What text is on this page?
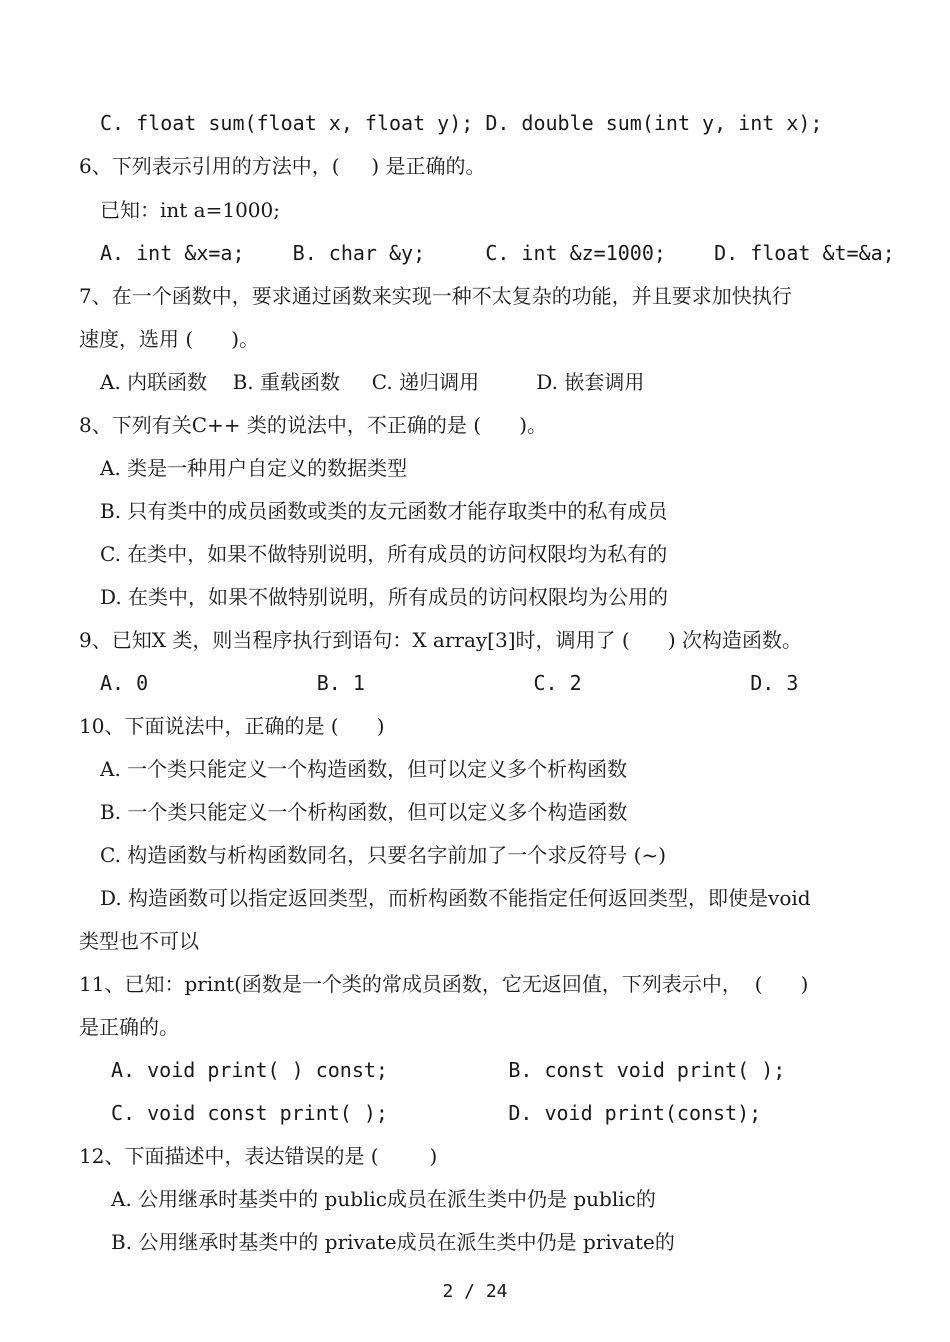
C. float sum(float x, float y); D. double sum(int y, int x);
6、下列表示引用的方法中，(     ) 是正确的。
已知：int a=1000;
A. int &x=a;    B. char &y;     C. int &z=1000;    D. float &t=&a;
7、在一个函数中，要求通过函数来实现一种不太复杂的功能，并且要求加快执行
速度，选用 (      )。
A. 内联函数    B. 重载函数     C. 递归调用         D. 嵌套调用
8、下列有关C++ 类的说法中，不正确的是 (      )。
A. 类是一种用户自定义的数据类型
B. 只有类中的成员函数或类的友元函数才能存取类中的私有成员
C. 在类中，如果不做特别说明，所有成员的访问权限均为私有的
D. 在类中，如果不做特别说明，所有成员的访问权限均为公用的
9、已知X 类，则当程序执行到语句：X array[3]时，调用了 (      ) 次构造函数。
A. 0              B. 1              C. 2              D. 3
10、下面说法中，正确的是 (      )
A. 一个类只能定义一个构造函数，但可以定义多个析构函数
B. 一个类只能定义一个析构函数，但可以定义多个构造函数
C. 构造函数与析构函数同名，只要名字前加了一个求反符号 (~)
D. 构造函数可以指定返回类型，而析构函数不能指定任何返回类型，即使是void
类型也不可以
11、已知：print(函数是一个类的常成员函数，它无返回值，下列表示中，  (      )
是正确的。
A. void print( ) const;          B. const void print( );
C. void const print( );          D. void print(const);
12、下面描述中，表达错误的是 (        )
A. 公用继承时基类中的 public成员在派生类中仍是 public的
B. 公用继承时基类中的 private成员在派生类中仍是 private的
2 / 24
